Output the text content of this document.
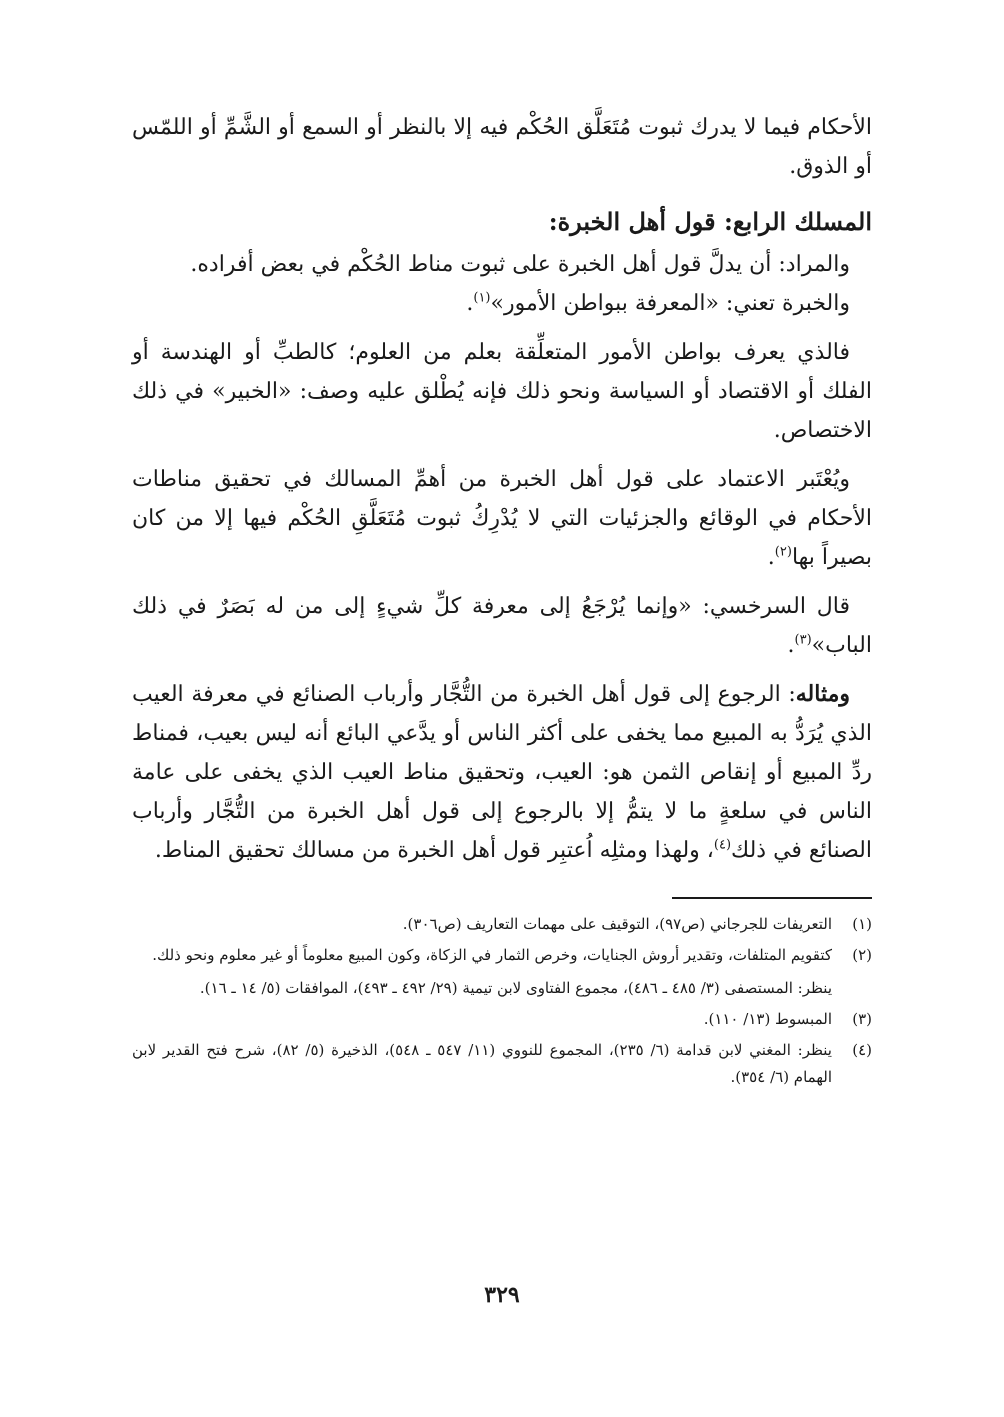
الأحكام فيما لا يدرك ثبوت مُتَعَلَّق الحُكْم فيه إلا بالنظر أو السمع أو الشَّمِّ أو اللمّس أو الذوق.

المسلك الرابع: قول أهل الخبرة:

والمراد: أن يدلَّ قول أهل الخبرة على ثبوت مناط الحُكْم في بعض أفراده.

والخبرة تعني: «المعرفة ببواطن الأمور»$^{(١)}$.

فالذي يعرف بواطن الأمور المتعلِّقة بعلم من العلوم؛ كالطبِّ أو الهندسة أو الفلك أو الاقتصاد أو السياسة ونحو ذلك فإنه يُطْلق عليه وصف: «الخبير» في ذلك الاختصاص.

ويُعْتَبر الاعتماد على قول أهل الخبرة من أهمِّ المسالك في تحقيق مناطات الأحكام في الوقائع والجزئيات التي لا يُدْرِكُ ثبوت مُتَعَلَّقِ الحُكْم فيها إلا من كان بصيراً بها$^{(٢)}$.

قال السرخسي: «وإنما يُرْجَعُ إلى معرفة كلِّ شيءٍ إلى من له بَصَرٌ في ذلك الباب»$^{(٣)}$.

ومثاله: الرجوع إلى قول أهل الخبرة من التُّجَّار وأرباب الصنائع في معرفة العيب الذي يُرَدُّ به المبيع مما يخفى على أكثر الناس أو يدَّعي البائع أنه ليس بعيب، فمناط ردِّ المبيع أو إنقاص الثمن هو: العيب، وتحقيق مناط العيب الذي يخفى على عامة الناس في سلعةٍ ما لا يتمُّ إلا بالرجوع إلى قول أهل الخبرة من التُّجَّار وأرباب الصنائع في ذلك$^{(٤)}$، ولهذا ومثلِه اُعتبِر قول أهل الخبرة من مسالك تحقيق المناط.

(١)

التعريفات للجرجاني (ص٩٧)، التوقيف على مهمات التعاريف (ص٣٠٦).

(٢)

كتقويم المتلفات، وتقدير أروش الجنايات، وخرص الثمار في الزكاة، وكون المبيع معلوماً أو غير معلوم ونحو ذلك.

ينظر: المستصفى (٣/ ٤٨٥ ـ ٤٨٦)، مجموع الفتاوى لابن تيمية (٢٩/ ٤٩٢ ـ ٤٩٣)، الموافقات (٥/ ١٤ ـ ١٦).

(٣)

المبسوط (١٣/ ١١٠).

(٤)

ينظر: المغني لابن قدامة (٦/ ٢٣٥)، المجموع للنووي (١١/ ٥٤٧ ـ ٥٤٨)، الذخيرة (٥/ ٨٢)، شرح فتح القدير لابن الهمام (٦/ ٣٥٤).

٣٢٩
